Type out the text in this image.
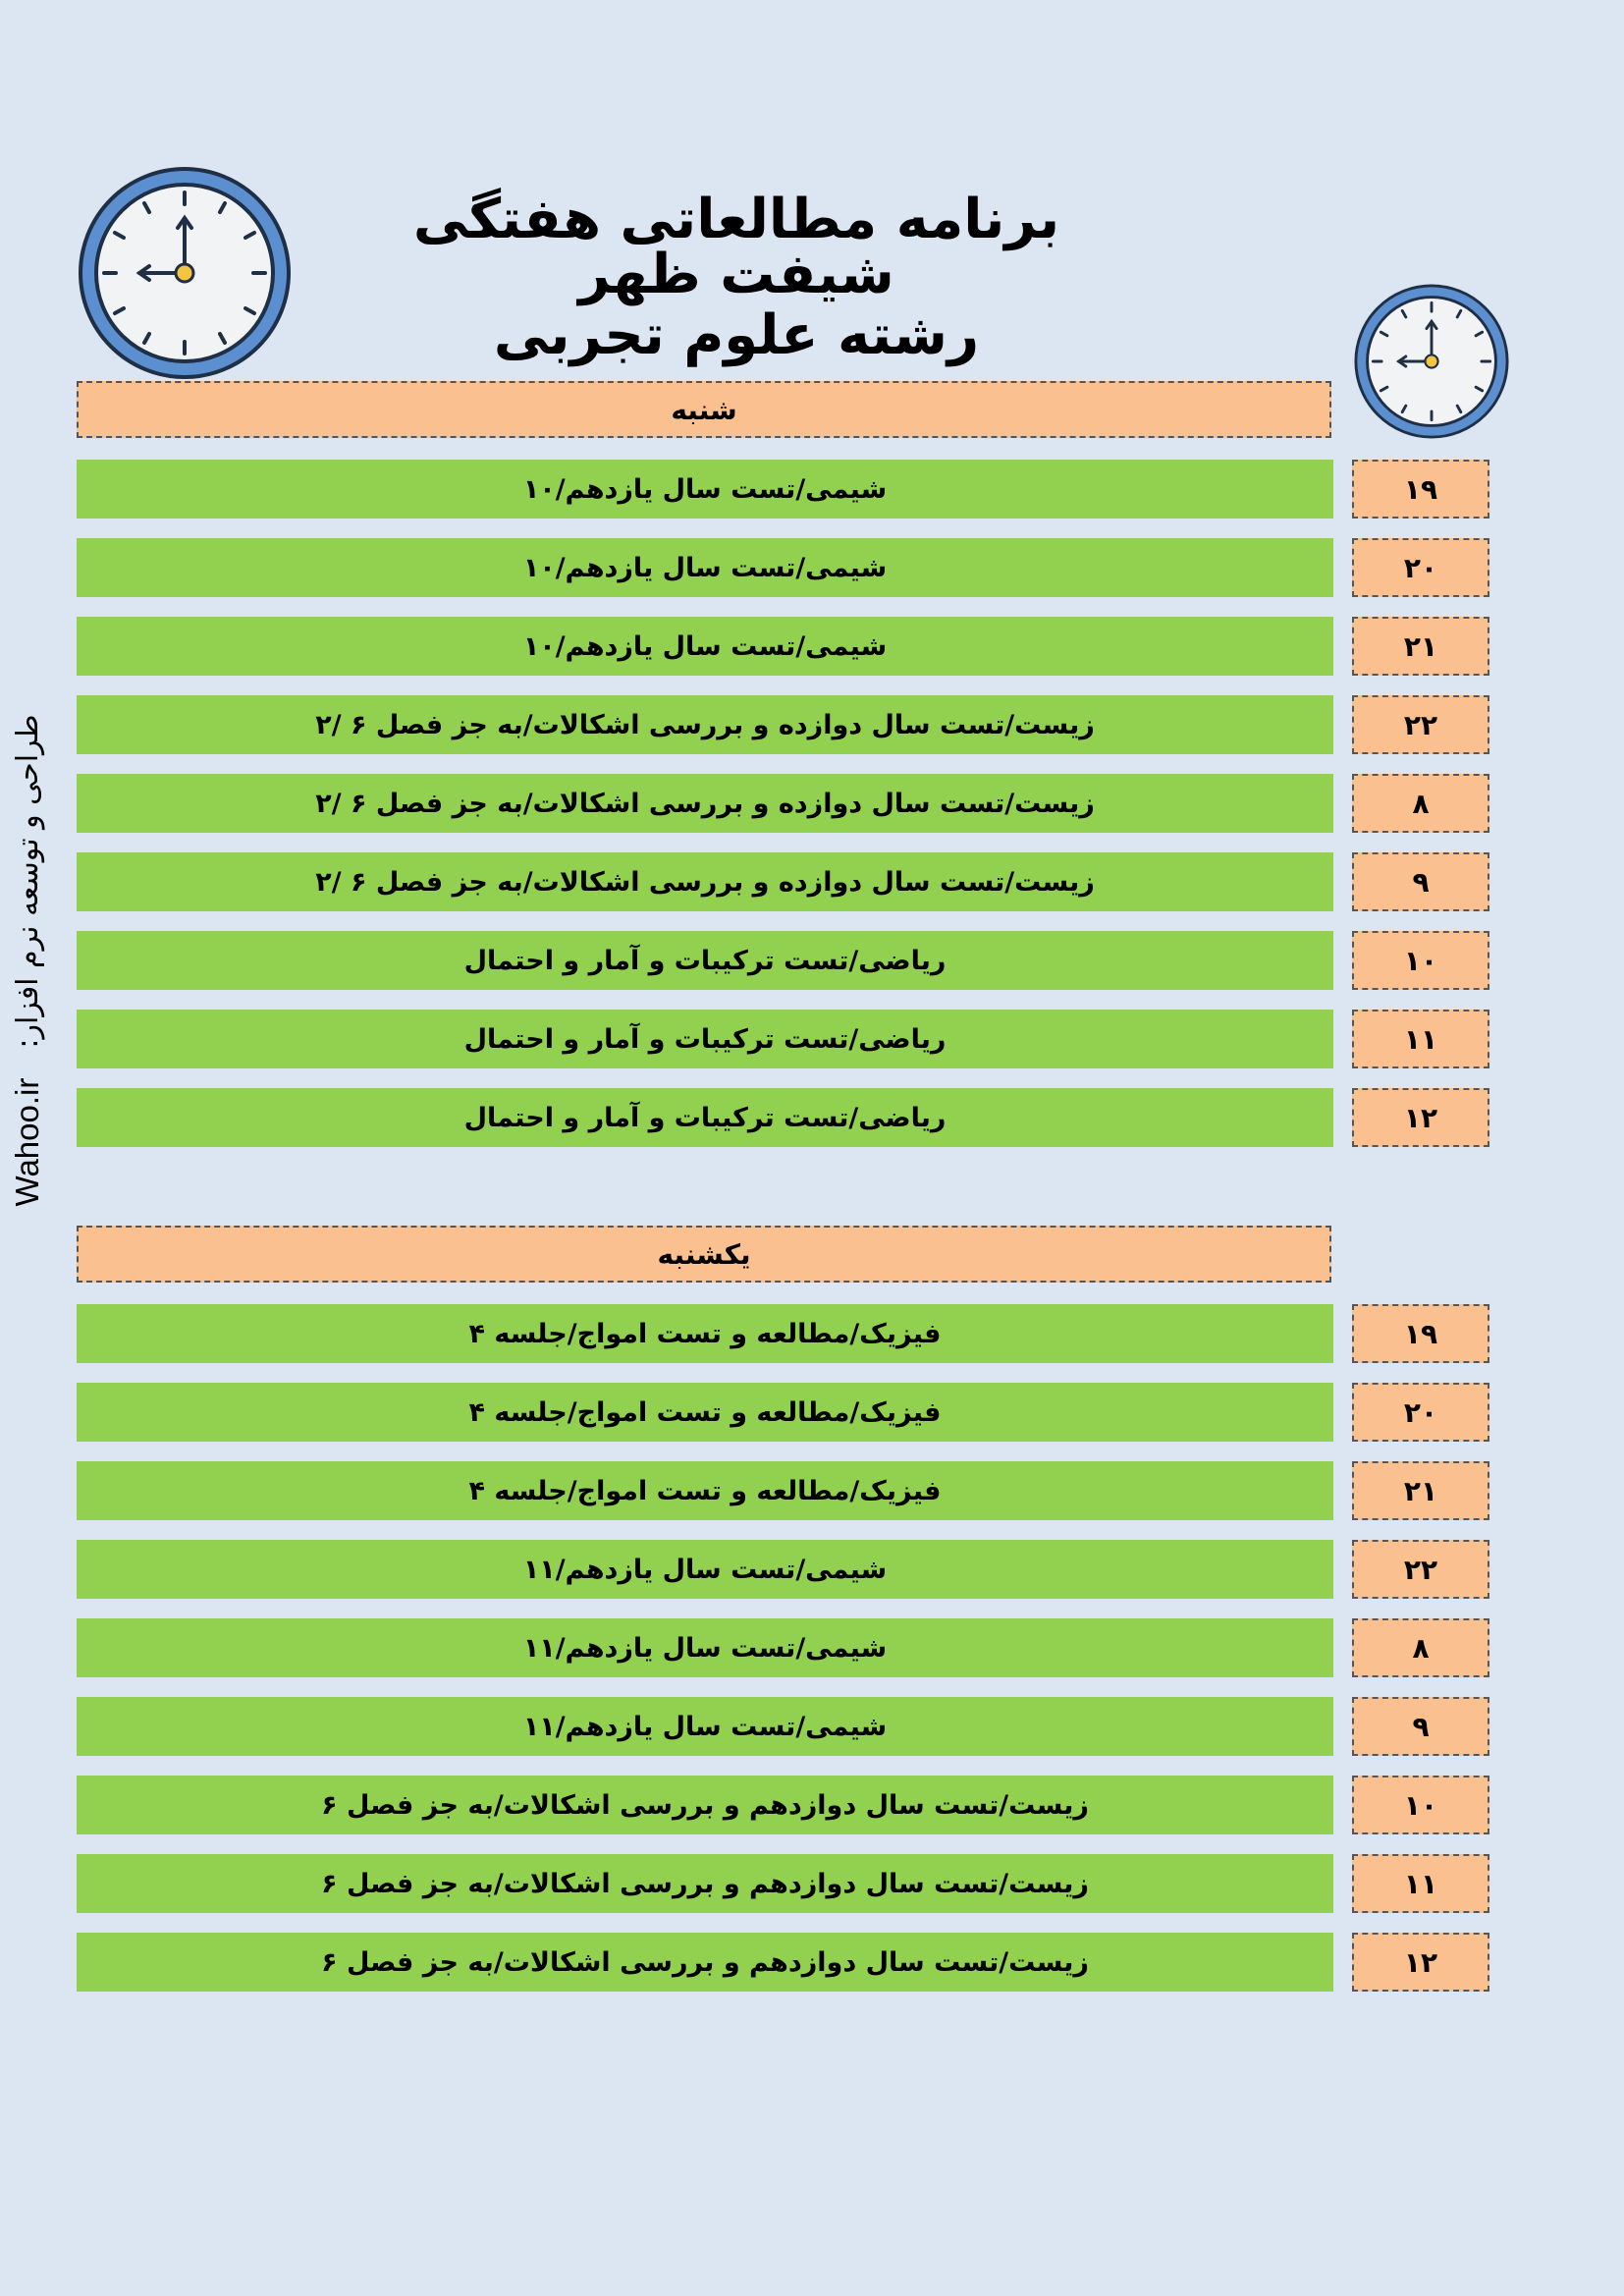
برنامه مطالعاتی هفتگی شیفت ظهر
رشته علوم تجربی
Wahoo.ir
طراحی و توسعه نرم افزار:
شنبه
شیمی/تست سال یازدهم/۱۰	۱۹
شیمی/تست سال یازدهم/۱۰	۲۰
شیمی/تست سال یازدهم/۱۰	۲۱
زیست/تست سال دوازده و بررسی اشکالات/به جز فصل ۶ /۲	۲۲
زیست/تست سال دوازده و بررسی اشکالات/به جز فصل ۶ /۲	۸
زیست/تست سال دوازده و بررسی اشکالات/به جز فصل ۶ /۲	۹
ریاضی/تست ترکیبات و آمار و احتمال	۱۰
ریاضی/تست ترکیبات و آمار و احتمال	۱۱
ریاضی/تست ترکیبات و آمار و احتمال	۱۲
یکشنبه
فیزیک/مطالعه و تست امواج/جلسه ۴	۱۹
فیزیک/مطالعه و تست امواج/جلسه ۴	۲۰
فیزیک/مطالعه و تست امواج/جلسه ۴	۲۱
شیمی/تست سال یازدهم/۱۱	۲۲
شیمی/تست سال یازدهم/۱۱	۸
شیمی/تست سال یازدهم/۱۱	۹
زیست/تست سال دوازدهم و بررسی اشکالات/به جز فصل ۶	۱۰
زیست/تست سال دوازدهم و بررسی اشکالات/به جز فصل ۶	۱۱
زیست/تست سال دوازدهم و بررسی اشکالات/به جز فصل ۶	۱۲
